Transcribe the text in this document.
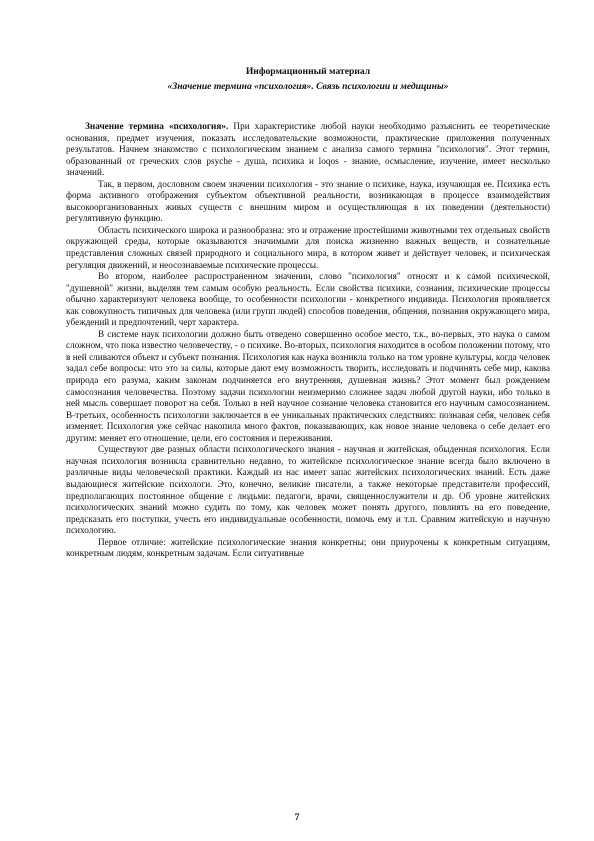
Информационный материал
«Значение термина «психология». Связь психологии и медицины»

Значение термина «психология». При характеристике любой науки необходимо разъяснить ее теоретические основания, предмет изучения, показать исследовательские возможности, практические приложения полученных результатов. Начнем знакомство с психологическим знанием с анализа самого термина "психология". Этот термин, образованный от греческих слов psyche - душа, психика и loqos - знание, осмысление, изучение, имеет несколько значений.

Так, в первом, дословном своем значении психология - это знание о психике, наука, изучающая ее. Психика есть форма активного отображения субъектом объективной реальности, возникающая в процессе взаимодействия высокоорганизованных живых существ с внешним миром и осуществляющая в их поведении (деятельности) регулятивную функцию.

Область психического широка и разнообразна: это и отражение простейшими животными тех отдельных свойств окружающей среды, которые оказываются значимыми для поиска жизненно важных веществ, и сознательные представления сложных связей природного и социального мира, в котором живет и действует человек, и психическая регуляция движений, и неосознаваемые психические процессы.

Во втором, наиболее распространенном значении, слово "психология" относят и к самой психической, "душевной" жизни, выделяя тем самым особую реальность. Если свойства психики, сознания, психические процессы обычно характеризуют человека вообще, то особенности психологии - конкретного индивида. Психология проявляется как совокупность типичных для человека (или групп людей) способов поведения, общения, познания окружающего мира, убеждений и предпочтений, черт характера.

В системе наук психологии должно быть отведено совершенно особое место, т.к., во-первых, это наука о самом сложном, что пока известно человечеству, - о психике. Во-вторых, психология находится в особом положении потому, что в ней сливаются объект и субъект познания. Психология как наука возникла только на том уровне культуры, когда человек задал себе вопросы: что это за силы, которые дают ему возможность творить, исследовать и подчинять себе мир, какова природа его разума, каким законам подчиняется его внутренняя, душевная жизнь? Этот момент был рождением самосознания человечества. Поэтому задачи психологии неизмеримо сложнее задач любой другой науки, ибо только в ней мысль совершает поворот на себя. Только в ней научное сознание человека становится его научным самосознанием. В-третьих, особенность психологии заключается в ее уникальных практических следствиях: познавая себя, человек себя изменяет. Психология уже сейчас накопила много фактов, показывающих, как новое знание человека о себе делает его другим: меняет его отношение, цели, его состояния и переживания.

Существуют две разных области психологического знания - научная и житейская, обыденная психология. Если научная психология возникла сравнительно недавно, то житейское психологическое знание всегда было включено в различные виды человеческой практики. Каждый из нас имеет запас житейских психологических знаний. Есть даже выдающиеся житейские психологи. Это, конечно, великие писатели, а также некоторые представители профессий, предполагающих постоянное общение с людьми: педагоги, врачи, священнослужители и др. Об уровне житейских психологических знаний можно судить по тому, как человек может понять другого, повлиять на его поведение, предсказать его поступки, учесть его индивидуальные особенности, помочь ему и т.п. Сравним житейскую и научную психологию.

Первое отличие: житейские психологические знания конкретны; они приурочены к конкретным ситуациям, конкретным людям, конкретным задачам. Если ситуативные

7
